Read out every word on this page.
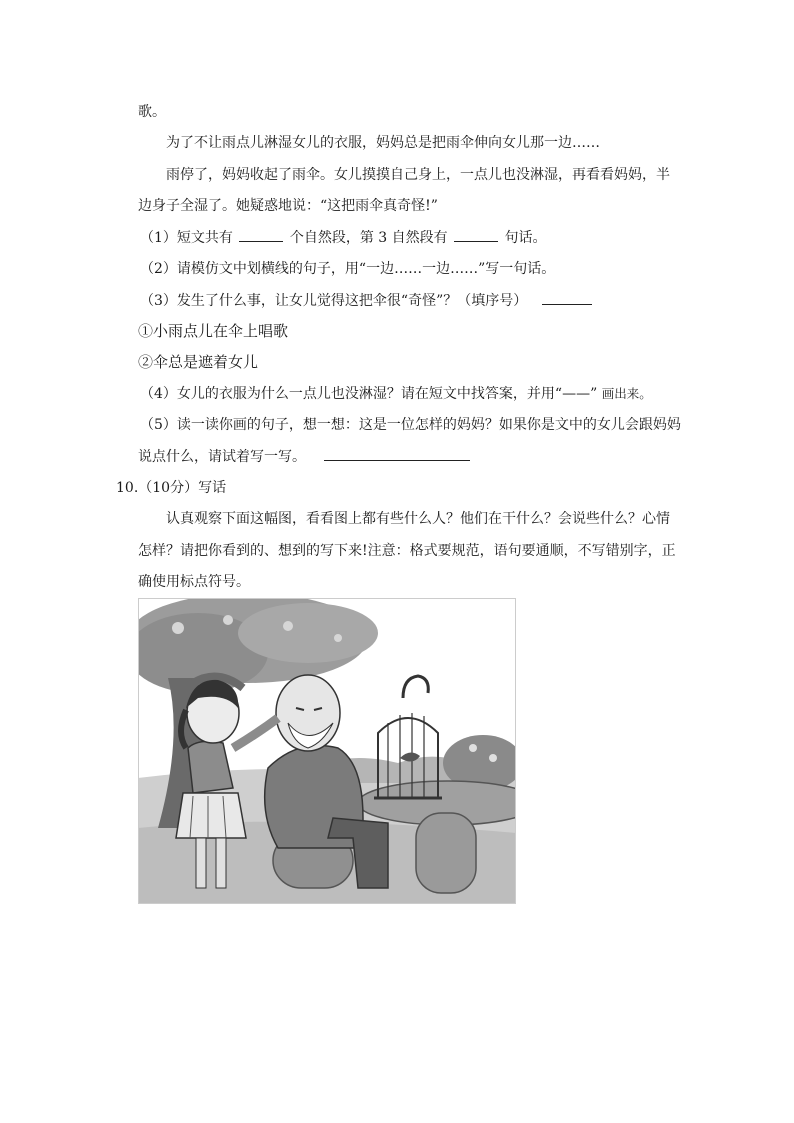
歌。
为了不让雨点儿淋湿女儿的衣服，妈妈总是把雨伞伸向女儿那一边……
雨停了，妈妈收起了雨伞。女儿摸摸自己身上，一点儿也没淋湿，再看看妈妈，半
边身子全湿了。她疑惑地说：“这把雨伞真奇怪!”
（1）短文共有	个自然段，第 3 自然段有	句话。
（2）请模仿文中划横线的句子，用“一边……一边……”写一句话。
（3）发生了什么事，让女儿觉得这把伞很“奇怪”？（填序号）
①小雨点儿在伞上唱歌
②伞总是遮着女儿
（4）女儿的衣服为什么一点儿也没淋湿？请在短文中找答案，并用“——” 画出来。
（5）读一读你画的句子，想一想：这是一位怎样的妈妈？如果你是文中的女儿会跟妈妈
说点什么，请试着写一写。
10.（10分）写话
认真观察下面这幅图，看看图上都有些什么人？他们在干什么？会说些什么？心情
怎样？请把你看到的、想到的写下来!注意：格式要规范，语句要通顺，不写错别字，正
确使用标点符号。
